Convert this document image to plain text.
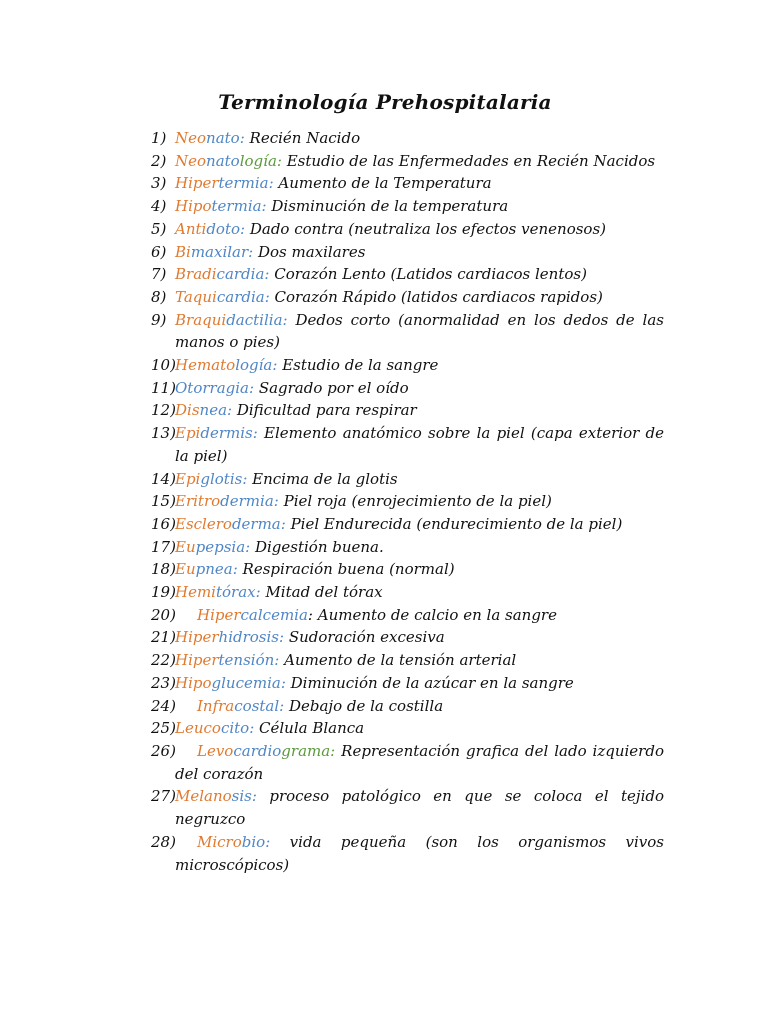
Terminología Prehospitalaria
1) Neonato: Recién Nacido
2) Neonatología: Estudio de las Enfermedades en Recién Nacidos
3) Hipertermia: Aumento de la Temperatura
4) Hipotermia: Disminución de la temperatura
5) Antidoto: Dado contra (neutraliza los efectos venenosos)
6) Bimaxilar: Dos maxilares
7) Bradicardia: Corazón Lento (Latidos cardiacos lentos)
8) Taquicardia: Corazón Rápido (latidos cardiacos rapidos)
9) Braquidactilia: Dedos corto (anormalidad en los dedos de las manos o pies)
10) Hematología: Estudio de la sangre
11) Otorragia: Sagrado por el oído
12) Disnea: Dificultad para respirar
13) Epidermis: Elemento anatómico sobre la piel (capa exterior de la piel)
14) Epiglotis: Encima de la glotis
15) Eritrodermia: Piel roja (enrojecimiento de la piel)
16) Escleroderma: Piel Endurecida (endurecimiento de la piel)
17) Eupepsia: Digestión buena.
18) Eupnea: Respiración buena (normal)
19) Hemitórax: Mitad del tórax
20) Hipercalcemia: Aumento de calcio en la sangre
21) Hiperhidrosis: Sudoración excesiva
22) Hipertensión: Aumento de la tensión arterial
23) Hipoglucemia: Diminución de la azúcar en la sangre
24) Infracostal: Debajo de la costilla
25) Leucocito: Célula Blanca
26) Levocardiograma: Representación grafica del lado izquierdo del corazón
27) Melanosis: proceso patológico en que se coloca el tejido negruzco
28) Microbio: vida pequeña (son los organismos vivos microscópicos)
